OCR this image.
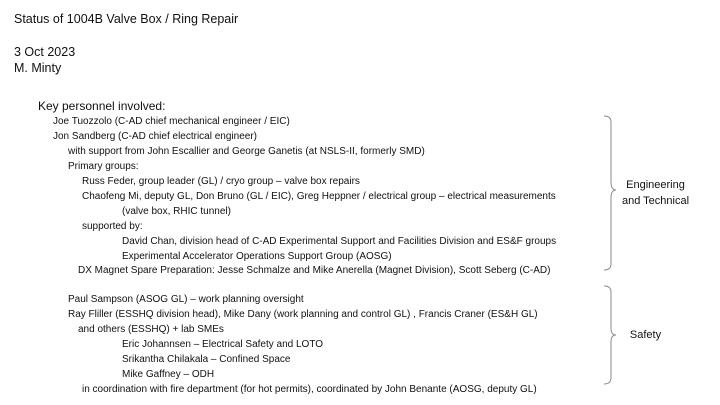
Status of 1004B Valve Box / Ring Repair
3 Oct 2023
M. Minty
Key personnel involved:
Joe Tuozzolo (C-AD chief mechanical engineer / EIC)
Jon Sandberg (C-AD chief electrical engineer)
with support from John Escallier and George Ganetis (at NSLS-II, formerly SMD)
Primary groups:
Russ Feder, group leader (GL) / cryo group – valve box repairs
Chaofeng Mi, deputy GL, Don Bruno (GL / EIC), Greg Heppner / electrical group – electrical measurements
(valve box, RHIC tunnel)
supported by:
David Chan, division head of C-AD Experimental Support and Facilities Division and ES&F groups
Experimental Accelerator Operations Support Group (AOSG)
DX Magnet Spare Preparation: Jesse Schmalze and Mike Anerella (Magnet Division), Scott Seberg (C-AD)
Paul Sampson (ASOG GL) – work planning oversight
Ray Fliller (ESSHQ division head), Mike Dany (work planning and control GL) , Francis Craner (ES&H GL)
and others (ESSHQ) + lab SMEs
Eric Johannsen – Electrical Safety and LOTO
Srikantha Chilakala – Confined Space
Mike Gaffney – ODH
in coordination with fire department (for hot permits), coordinated by John Benante (AOSG, deputy GL)
Engineering
and Technical
Safety
